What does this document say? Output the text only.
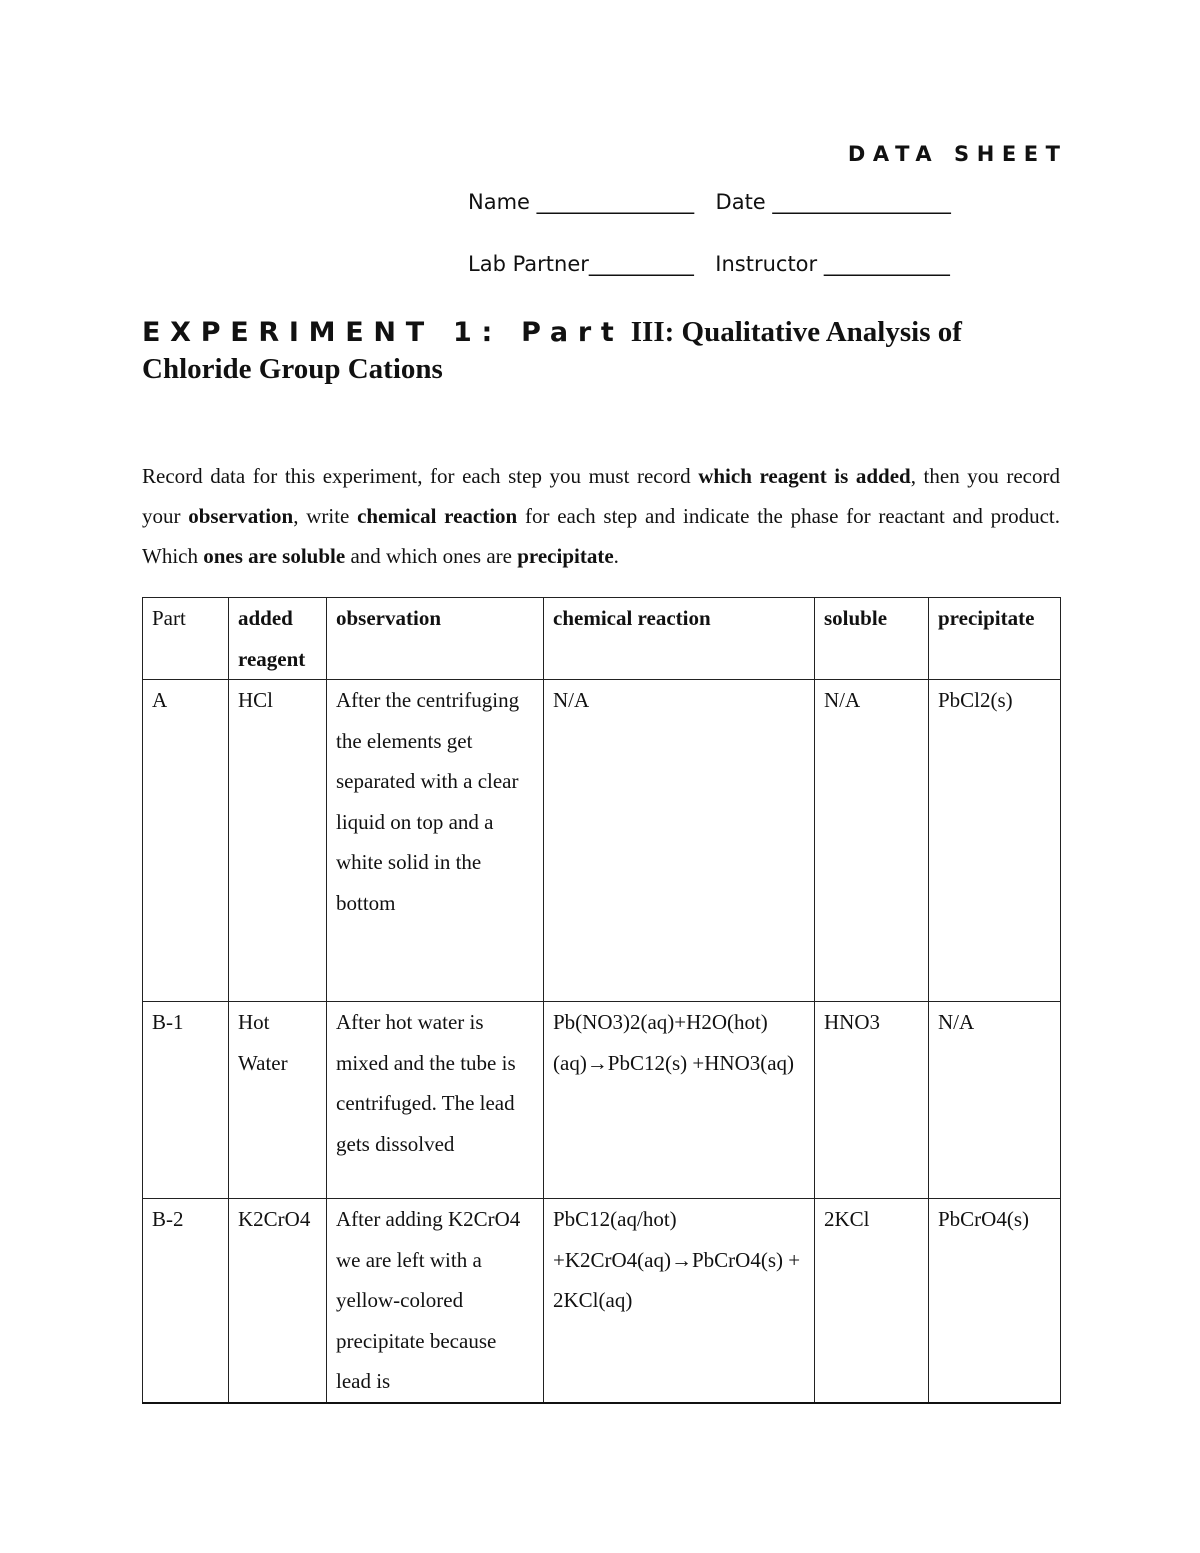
DATA SHEET
Name _______________ Date _________________
Lab Partner__________ Instructor ____________
EXPERIMENT 1: Part III: Qualitative Analysis of Chloride Group Cations

Record data for this experiment, for each step you must record which reagent is added, then you record your observation, write chemical reaction for each step and indicate the phase for reactant and product. Which ones are soluble and which ones are precipitate.

Part	added reagent	observation	chemical reaction	soluble	precipitate
A	HCl	After the centrifuging the elements get separated with a clear liquid on top and a white solid in the bottom	N/A	N/A	PbCl2(s)
B-1	Hot Water	After hot water is mixed and the tube is centrifuged. The lead gets dissolved	Pb(NO3)2(aq)+H2O(hot)(aq)→PbC12(s) +HNO3(aq)	HNO3	N/A
B-2	K2CrO4	After adding K2CrO4 we are left with a yellow-colored precipitate because lead is	PbC12(aq/hot) +K2CrO4(aq)→PbCrO4(s) + 2KCl(aq)	2KCl	PbCrO4(s)
